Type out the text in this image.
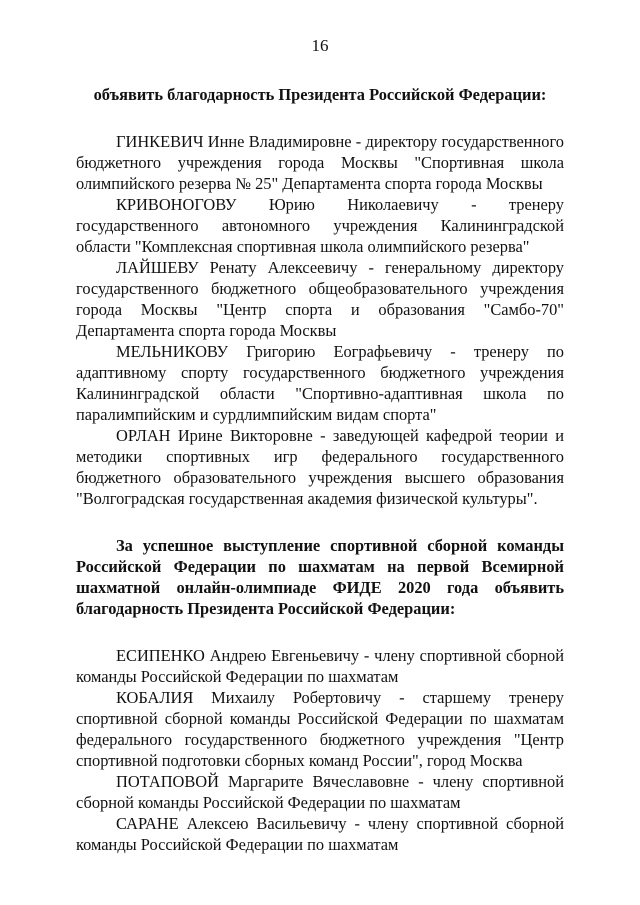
16

объявить благодарность Президента Российской Федерации:

ГИНКЕВИЧ Инне Владимировне - директору государственного бюджетного учреждения города Москвы "Спортивная школа олимпийского резерва № 25" Департамента спорта города Москвы

КРИВОНОГОВУ Юрию Николаевичу - тренеру государственного автономного учреждения Калининградской области "Комплексная спортивная школа олимпийского резерва"

ЛАЙШЕВУ Ренату Алексеевичу - генеральному директору государственного бюджетного общеобразовательного учреждения города Москвы "Центр спорта и образования "Самбо-70" Департамента спорта города Москвы

МЕЛЬНИКОВУ Григорию Еографьевичу - тренеру по адаптивному спорту государственного бюджетного учреждения Калининградской области "Спортивно-адаптивная школа по паралимпийским и сурдлимпийским видам спорта"

ОРЛАН Ирине Викторовне - заведующей кафедрой теории и методики спортивных игр федерального государственного бюджетного образовательного учреждения высшего образования "Волгоградская государственная академия физической культуры".

За успешное выступление спортивной сборной команды Российской Федерации по шахматам на первой Всемирной шахматной онлайн-олимпиаде ФИДЕ 2020 года объявить благодарность Президента Российской Федерации:

ЕСИПЕНКО Андрею Евгеньевичу - члену спортивной сборной команды Российской Федерации по шахматам

КОБАЛИЯ Михаилу Робертовичу - старшему тренеру спортивной сборной команды Российской Федерации по шахматам федерального государственного бюджетного учреждения "Центр спортивной подготовки сборных команд России", город Москва

ПОТАПОВОЙ Маргарите Вячеславовне - члену спортивной сборной команды Российской Федерации по шахматам

САРАНЕ Алексею Васильевичу - члену спортивной сборной команды Российской Федерации по шахматам
